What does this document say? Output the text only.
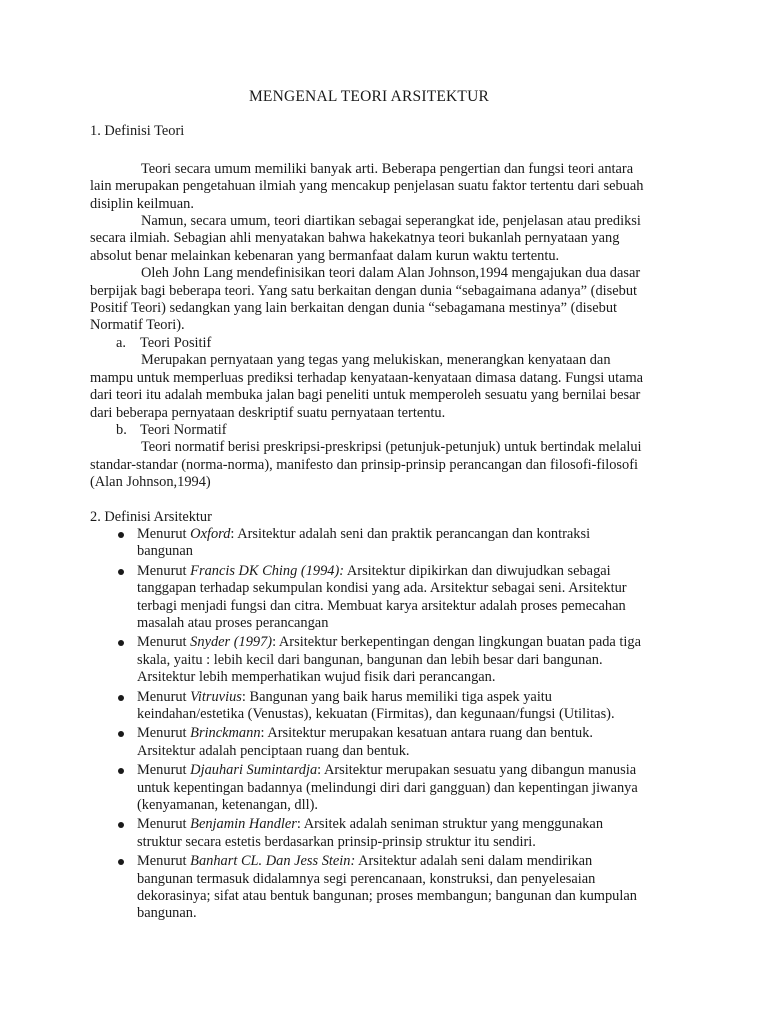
MENGENAL TEORI ARSITEKTUR

1. Definisi Teori

Teori secara umum memiliki banyak arti. Beberapa pengertian dan fungsi teori antara lain merupakan pengetahuan ilmiah yang mencakup penjelasan suatu faktor tertentu dari sebuah disiplin keilmuan.

Namun, secara umum, teori diartikan sebagai seperangkat ide, penjelasan atau prediksi secara ilmiah. Sebagian ahli menyatakan bahwa hakekatnya teori bukanlah pernyataan yang absolut benar melainkan kebenaran yang bermanfaat dalam kurun waktu tertentu.

Oleh John Lang mendefinisikan teori dalam Alan Johnson,1994 mengajukan dua dasar berpijak bagi beberapa teori. Yang satu berkaitan dengan dunia “sebagaimana adanya” (disebut Positif Teori) sedangkan yang lain berkaitan dengan dunia “sebagamana mestinya” (disebut Normatif Teori).

a. Teori Positif

Merupakan pernyataan yang tegas yang melukiskan, menerangkan kenyataan dan mampu untuk memperluas prediksi terhadap kenyataan-kenyataan dimasa datang. Fungsi utama dari teori itu adalah membuka jalan bagi peneliti untuk memperoleh sesuatu yang bernilai besar dari beberapa pernyataan deskriptif suatu pernyataan tertentu.

b. Teori Normatif

Teori normatif berisi preskripsi-preskripsi (petunjuk-petunjuk) untuk bertindak melalui standar-standar (norma-norma), manifesto dan prinsip-prinsip perancangan dan filosofi-filosofi (Alan Johnson,1994)

2. Definisi Arsitektur

Menurut Oxford: Arsitektur adalah seni dan praktik perancangan dan kontraksi bangunan
Menurut Francis DK Ching (1994): Arsitektur dipikirkan dan diwujudkan sebagai tanggapan terhadap sekumpulan kondisi yang ada. Arsitektur sebagai seni. Arsitektur terbagi menjadi fungsi dan citra. Membuat karya arsitektur adalah proses pemecahan masalah atau proses perancangan
Menurut Snyder (1997): Arsitektur berkepentingan dengan lingkungan buatan pada tiga skala, yaitu : lebih kecil dari bangunan, bangunan dan lebih besar dari bangunan. Arsitektur lebih memperhatikan wujud fisik dari perancangan.
Menurut Vitruvius: Bangunan yang baik harus memiliki tiga aspek yaitu keindahan/estetika (Venustas), kekuatan (Firmitas), dan kegunaan/fungsi (Utilitas).
Menurut Brinckmann: Arsitektur merupakan kesatuan antara ruang dan bentuk. Arsitektur adalah penciptaan ruang dan bentuk.
Menurut Djauhari Sumintardja: Arsitektur merupakan sesuatu yang dibangun manusia untuk kepentingan badannya (melindungi diri dari gangguan) dan kepentingan jiwanya (kenyamanan, ketenangan, dll).
Menurut Benjamin Handler: Arsitek adalah seniman struktur yang menggunakan struktur secara estetis berdasarkan prinsip-prinsip struktur itu sendiri.
Menurut Banhart CL. Dan Jess Stein: Arsitektur adalah seni dalam mendirikan bangunan termasuk didalamnya segi perencanaan, konstruksi, dan penyelesaian dekorasinya; sifat atau bentuk bangunan; proses membangun; bangunan dan kumpulan bangunan.
